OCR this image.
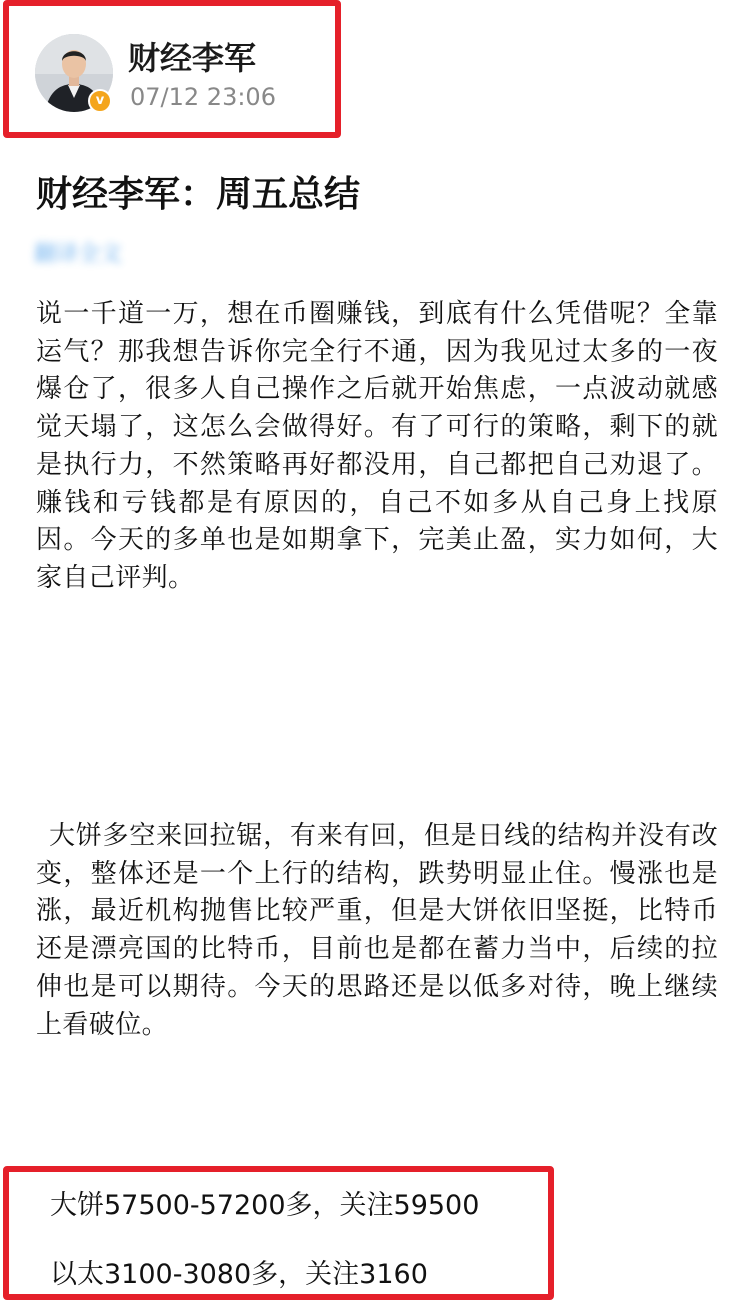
v
财经李军
07/12 23:06
财经李军：周五总结
翻译全文
说一千道一万，想在币圈赚钱，到底有什么凭借呢？全靠运气？那我想告诉你完全行不通，因为我见过太多的一夜爆仓了，很多人自己操作之后就开始焦虑，一点波动就感觉天塌了，这怎么会做得好。有了可行的策略，剩下的就是执行力，不然策略再好都没用，自己都把自己劝退了。赚钱和亏钱都是有原因的，自己不如多从自己身上找原因。今天的多单也是如期拿下，完美止盈，实力如何，大家自己评判。
大饼多空来回拉锯，有来有回，但是日线的结构并没有改变，整体还是一个上行的结构，跌势明显止住。慢涨也是涨，最近机构抛售比较严重，但是大饼依旧坚挺，比特币还是漂亮国的比特币，目前也是都在蓄力当中，后续的拉伸也是可以期待。今天的思路还是以低多对待，晚上继续上看破位。
大饼57500-57200多，关注59500
以太3100-3080多，关注3160
